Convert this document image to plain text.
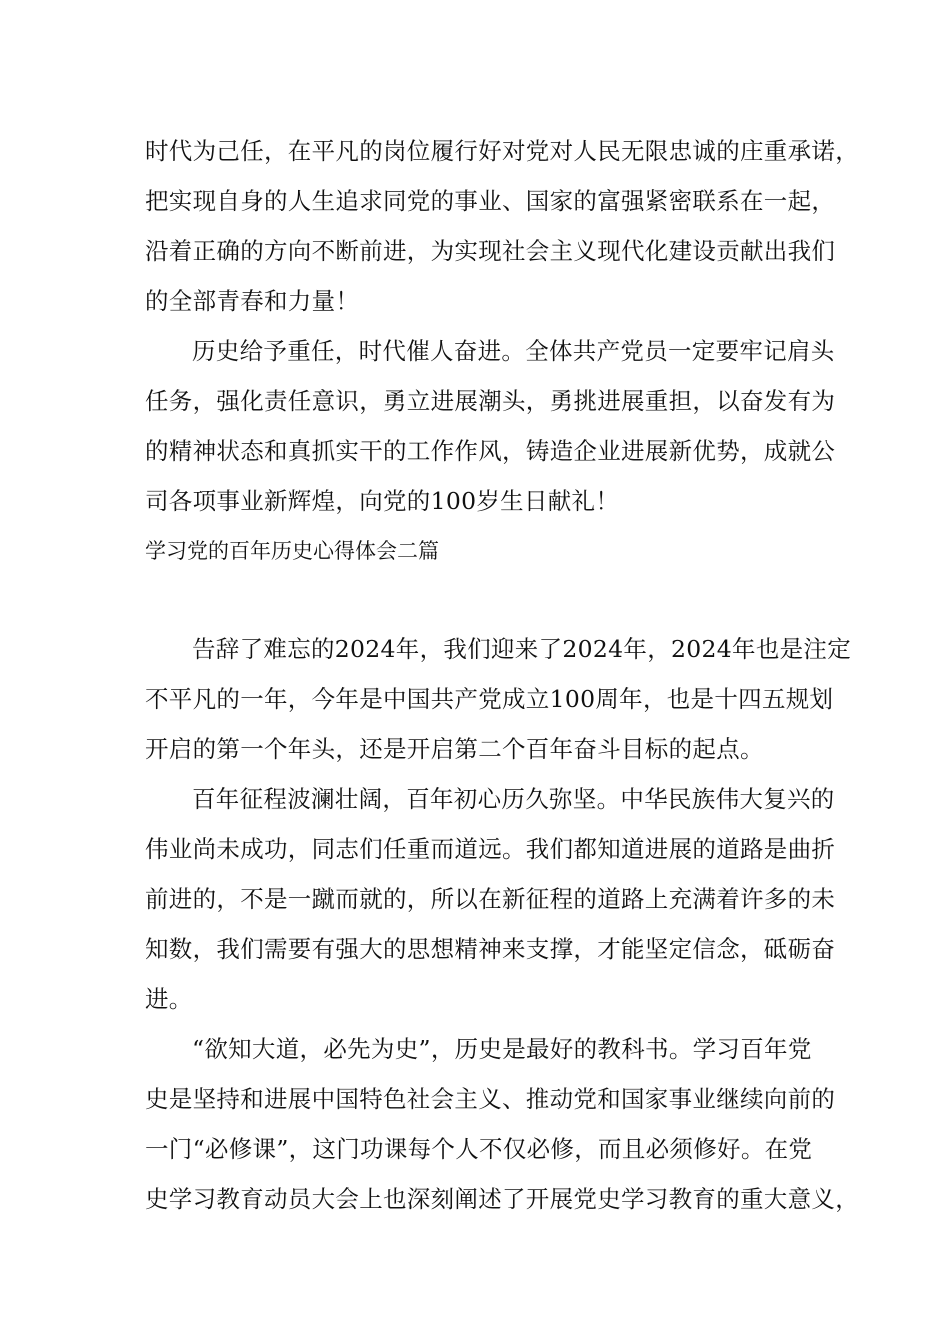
时代为己任，在平凡的岗位履行好对党对人民无限忠诚的庄重承诺，

把实现自身的人生追求同党的事业、国家的富强紧密联系在一起，

沿着正确的方向不断前进，为实现社会主义现代化建设贡献出我们

的全部青春和力量！

历史给予重任，时代催人奋进。全体共产党员一定要牢记肩头

任务，强化责任意识，勇立进展潮头，勇挑进展重担，以奋发有为

的精神状态和真抓实干的工作作风，铸造企业进展新优势，成就公

司各项事业新辉煌，向党的100岁生日献礼！

学习党的百年历史心得体会二篇

告辞了难忘的2024年，我们迎来了2024年，2024年也是注定

不平凡的一年，今年是中国共产党成立100周年，也是十四五规划

开启的第一个年头，还是开启第二个百年奋斗目标的起点。

百年征程波澜壮阔，百年初心历久弥坚。中华民族伟大复兴的

伟业尚未成功，同志们任重而道远。我们都知道进展的道路是曲折

前进的，不是一蹴而就的，所以在新征程的道路上充满着许多的未

知数，我们需要有强大的思想精神来支撑，才能坚定信念，砥砺奋

进。

“欲知大道，必先为史”，历史是最好的教科书。学习百年党

史是坚持和进展中国特色社会主义、推动党和国家事业继续向前的

一门“必修课”，这门功课每个人不仅必修，而且必须修好。在党

史学习教育动员大会上也深刻阐述了开展党史学习教育的重大意义，
